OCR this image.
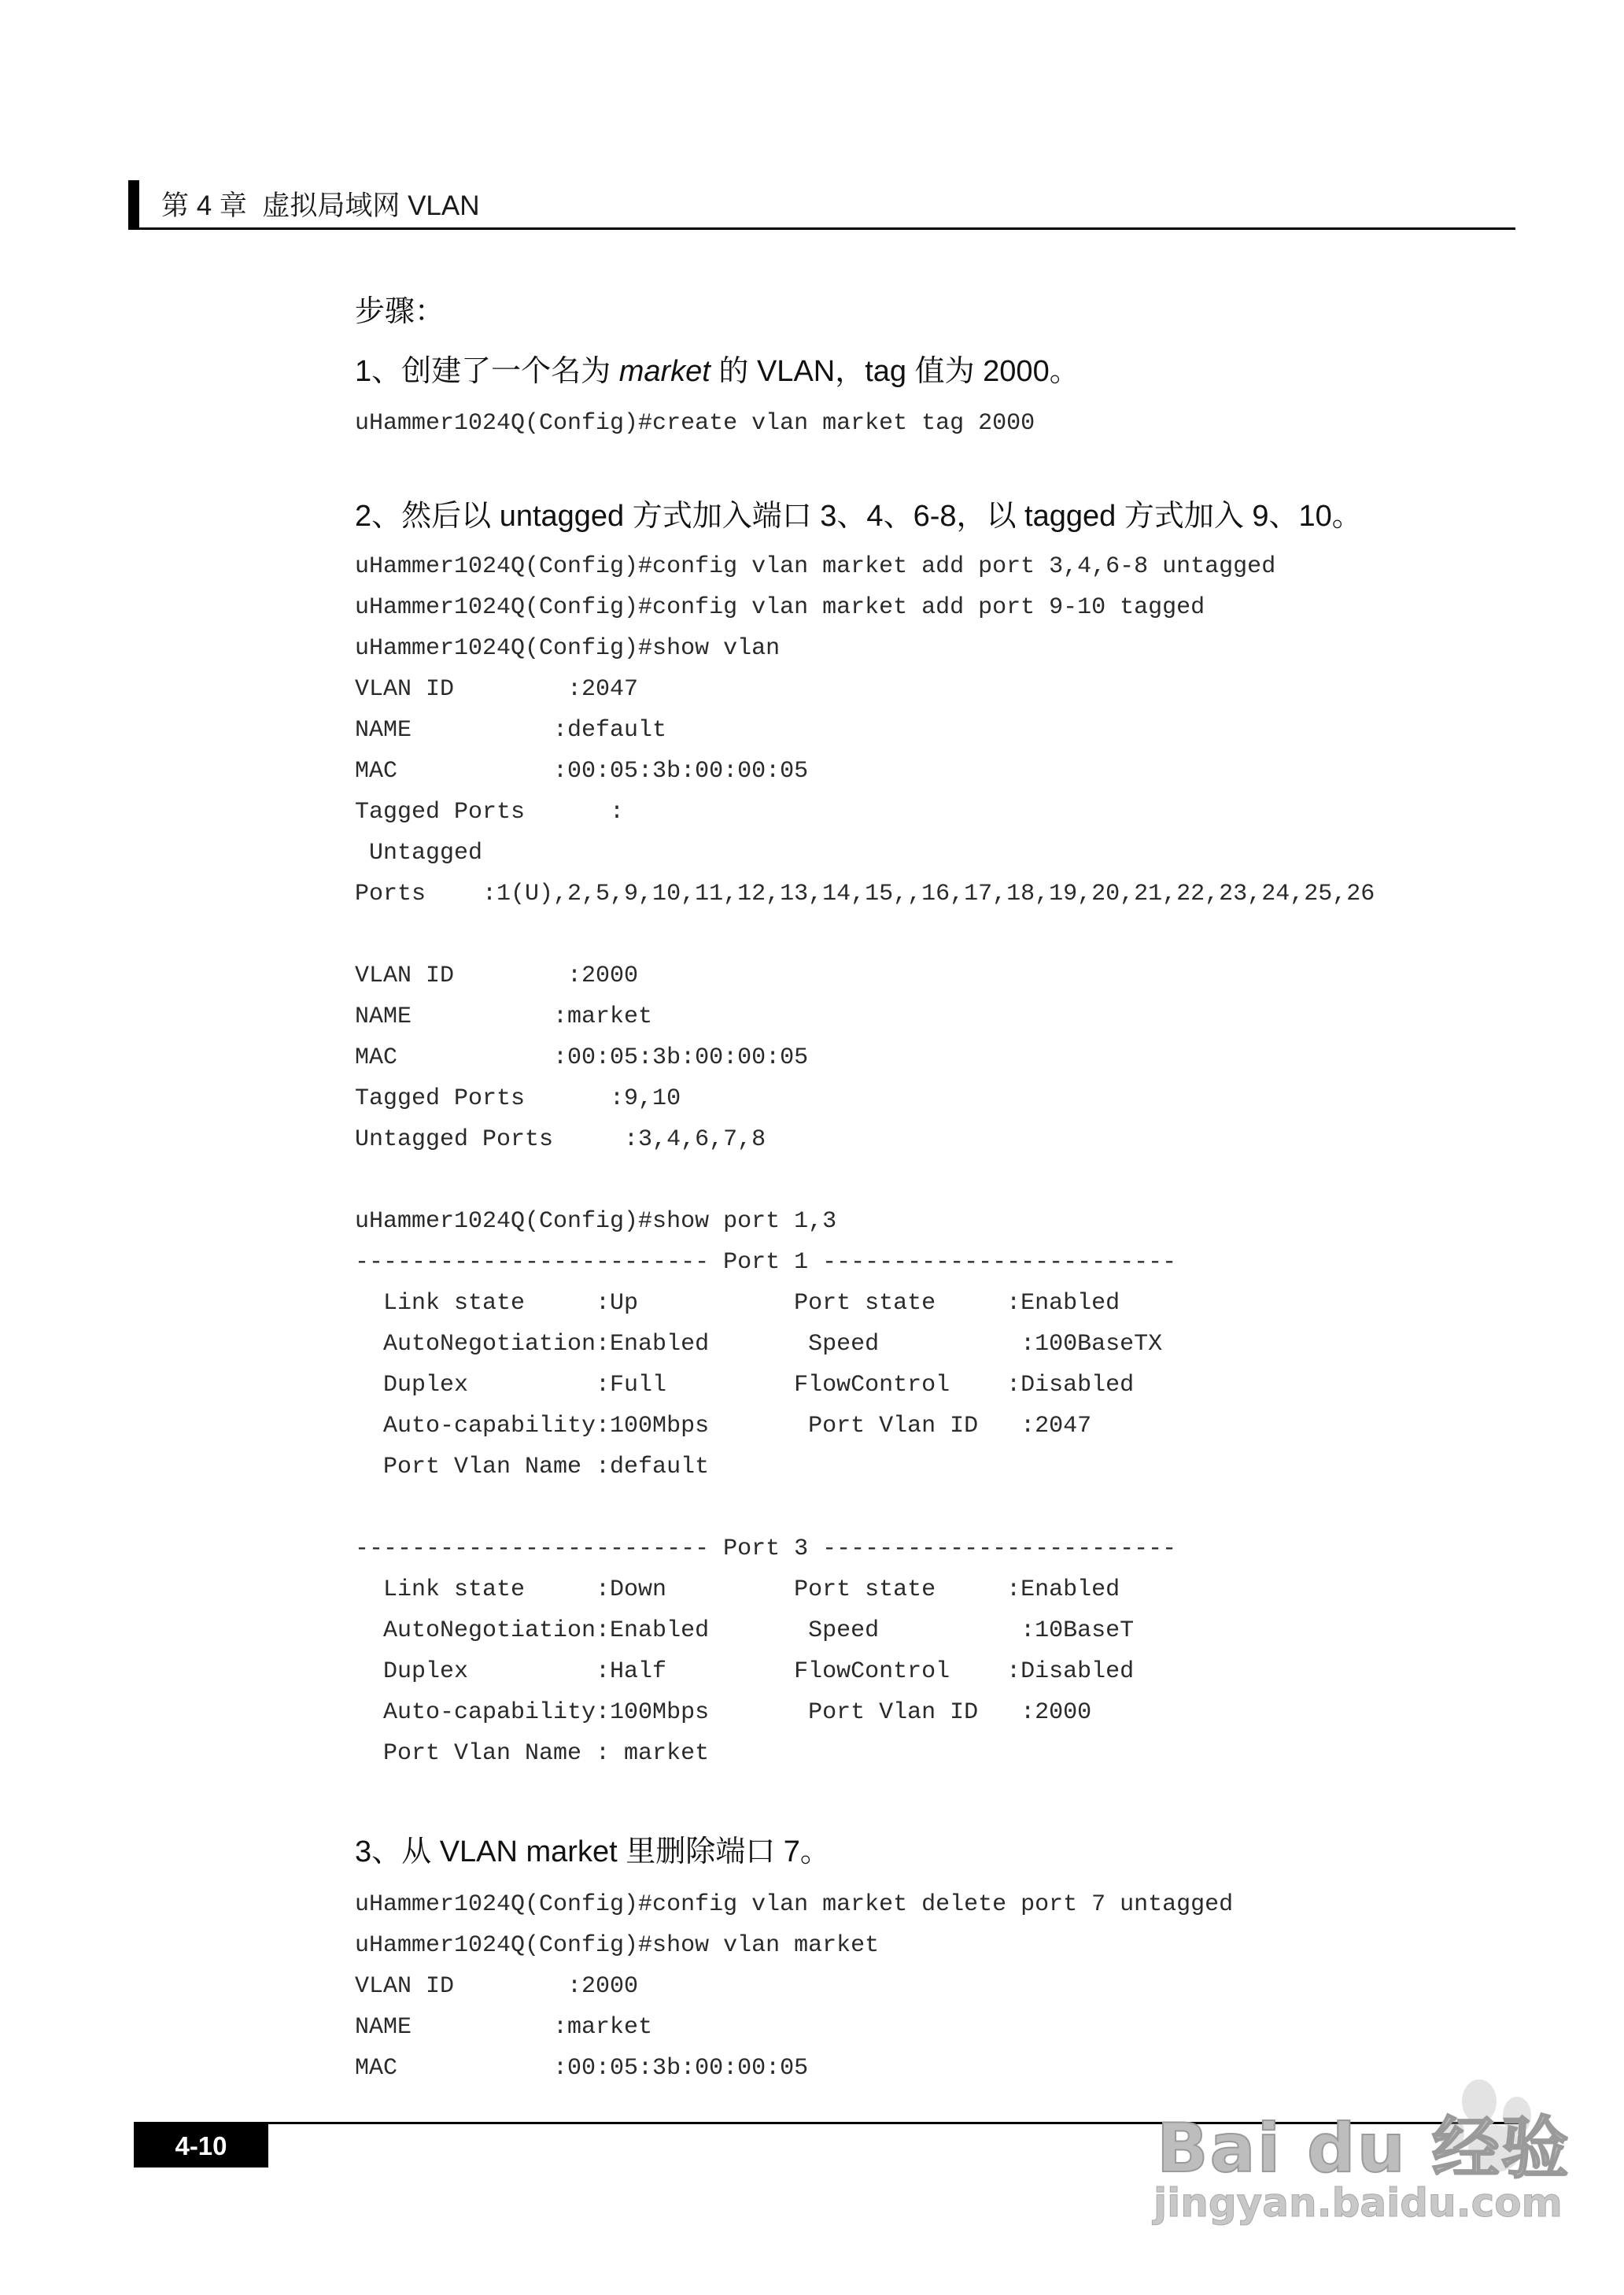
第 4 章  虚拟局域网 VLAN
步骤：
1、创建了一个名为 market 的 VLAN，tag 值为 2000。
uHammer1024Q(Config)#create vlan market tag 2000
2、然后以 untagged 方式加入端口 3、4、6-8，以 tagged 方式加入 9、10。
uHammer1024Q(Config)#config vlan market add port 3,4,6-8 untagged
uHammer1024Q(Config)#config vlan market add port 9-10 tagged
uHammer1024Q(Config)#show vlan
VLAN ID        :2047
NAME          :default
MAC           :00:05:3b:00:00:05
Tagged Ports      :
Untagged
Ports    :1(U),2,5,9,10,11,12,13,14,15,,16,17,18,19,20,21,22,23,24,25,26

VLAN ID        :2000
NAME          :market
MAC           :00:05:3b:00:00:05
Tagged Ports      :9,10
Untagged Ports     :3,4,6,7,8

uHammer1024Q(Config)#show port 1,3
------------------------- Port 1 -------------------------
Link state     :Up           Port state     :Enabled
AutoNegotiation:Enabled       Speed          :100BaseTX
Duplex         :Full         FlowControl    :Disabled
Auto-capability:100Mbps       Port Vlan ID   :2047
Port Vlan Name :default

------------------------- Port 3 -------------------------
Link state     :Down         Port state     :Enabled
AutoNegotiation:Enabled       Speed          :10BaseT
Duplex         :Half         FlowControl    :Disabled
Auto-capability:100Mbps       Port Vlan ID   :2000
Port Vlan Name : market
3、从 VLAN market 里删除端口 7。
uHammer1024Q(Config)#config vlan market delete port 7 untagged
uHammer1024Q(Config)#show vlan market
VLAN ID        :2000
NAME          :market
MAC           :00:05:3b:00:00:05
4-10	Bai du 经验
jingyan.baidu.com
